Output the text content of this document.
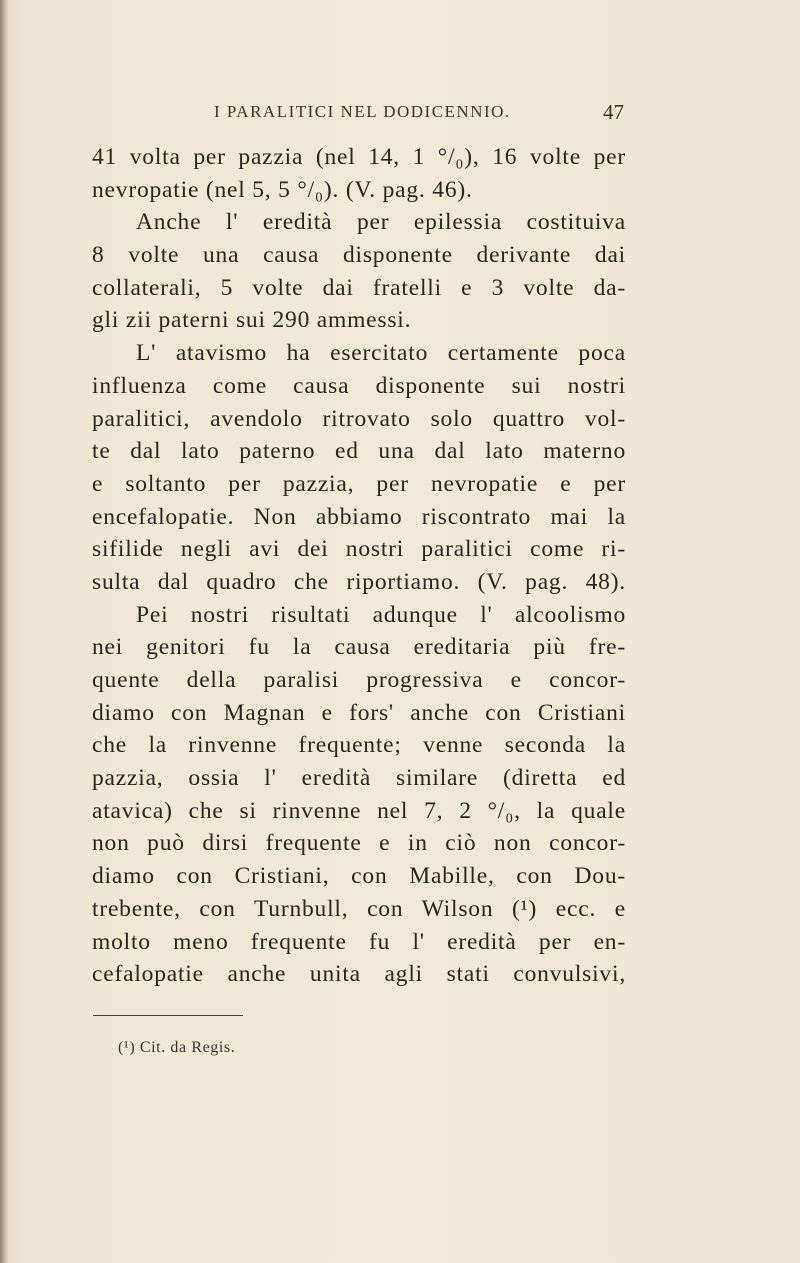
I PARALITICI NEL DODICENNIO.	47
41 volta per pazzia (nel 14, 1 °/₀), 16 volte per
nevropatie (nel 5, 5 °/₀). (V. pag. 46).
Anche l' eredità per epilessia costituiva
8 volte una causa disponente derivante dai
collaterali, 5 volte dai fratelli e 3 volte da-
gli zii paterni sui 290 ammessi.
L' atavismo ha esercitato certamente poca
influenza come causa disponente sui nostri
paralitici, avendolo ritrovato solo quattro vol-
te dal lato paterno ed una dal lato materno
e soltanto per pazzia, per nevropatie e per
encefalopatie. Non abbiamo riscontrato mai la
sifilide negli avi dei nostri paralitici come ri-
sulta dal quadro che riportiamo. (V. pag. 48).
Pei nostri risultati adunque l' alcoolismo
nei genitori fu la causa ereditaria più fre-
quente della paralisi progressiva e concor-
diamo con Magnan e fors' anche con Cristiani
che la rinvenne frequente; venne seconda la
pazzia, ossia l' eredità similare (diretta ed
atavica) che si rinvenne nel 7, 2 °/₀, la quale
non può dirsi frequente e in ciò non concor-
diamo con Cristiani, con Mabille, con Dou-
trebente, con Turnbull, con Wilson (¹) ecc. e
molto meno frequente fu l' eredità per en-
cefalopatie anche unita agli stati convulsivi,
(¹) Cit. da Regis.
